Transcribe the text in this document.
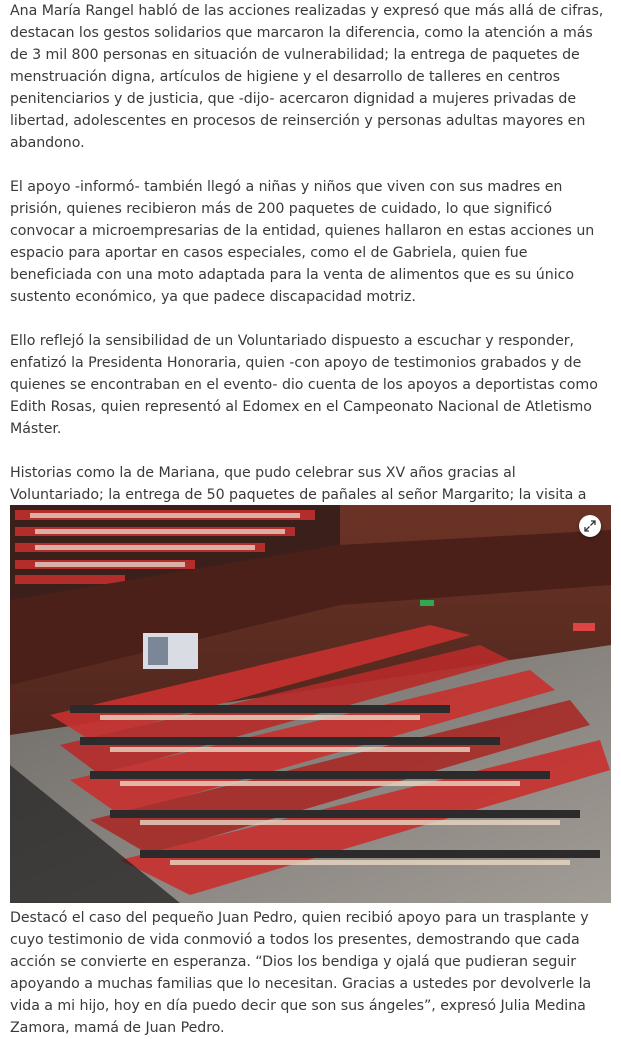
Ana María Rangel habló de las acciones realizadas y expresó que más allá de cifras, destacan los gestos solidarios que marcaron la diferencia, como la atención a más de 3 mil 800 personas en situación de vulnerabilidad; la entrega de paquetes de menstruación digna, artículos de higiene y el desarrollo de talleres en centros penitenciarios y de justicia, que -dijo- acercaron dignidad a mujeres privadas de libertad, adolescentes en procesos de reinserción y personas adultas mayores en abandono.

El apoyo -informó- también llegó a niñas y niños que viven con sus madres en prisión, quienes recibieron más de 200 paquetes de cuidado, lo que significó convocar a microempresarias de la entidad, quienes hallaron en estas acciones un espacio para aportar en casos especiales, como el de Gabriela, quien fue beneficiada con una moto adaptada para la venta de alimentos que es su único sustento económico, ya que padece discapacidad motriz.

Ello reflejó la sensibilidad de un Voluntariado dispuesto a escuchar y responder, enfatizó la Presidenta Honoraria, quien -con apoyo de testimonios grabados y de quienes se encontraban en el evento- dio cuenta de los apoyos a deportistas como Edith Rosas, quien representó al Edomex en el Campeonato Nacional de Atletismo Máster.

Historias como la de Mariana, que pudo celebrar sus XV años gracias al Voluntariado; la entrega de 50 paquetes de pañales al señor Margarito; la visita a

Destacó el caso del pequeño Juan Pedro, quien recibió apoyo para un trasplante y cuyo testimonio de vida conmovió a todos los presentes, demostrando que cada acción se convierte en esperanza. “Dios los bendiga y ojalá que pudieran seguir apoyando a muchas familias que lo necesitan. Gracias a ustedes por devolverle la vida a mi hijo, hoy en día puedo decir que son sus ángeles”, expresó Julia Medina Zamora, mamá de Juan Pedro.
